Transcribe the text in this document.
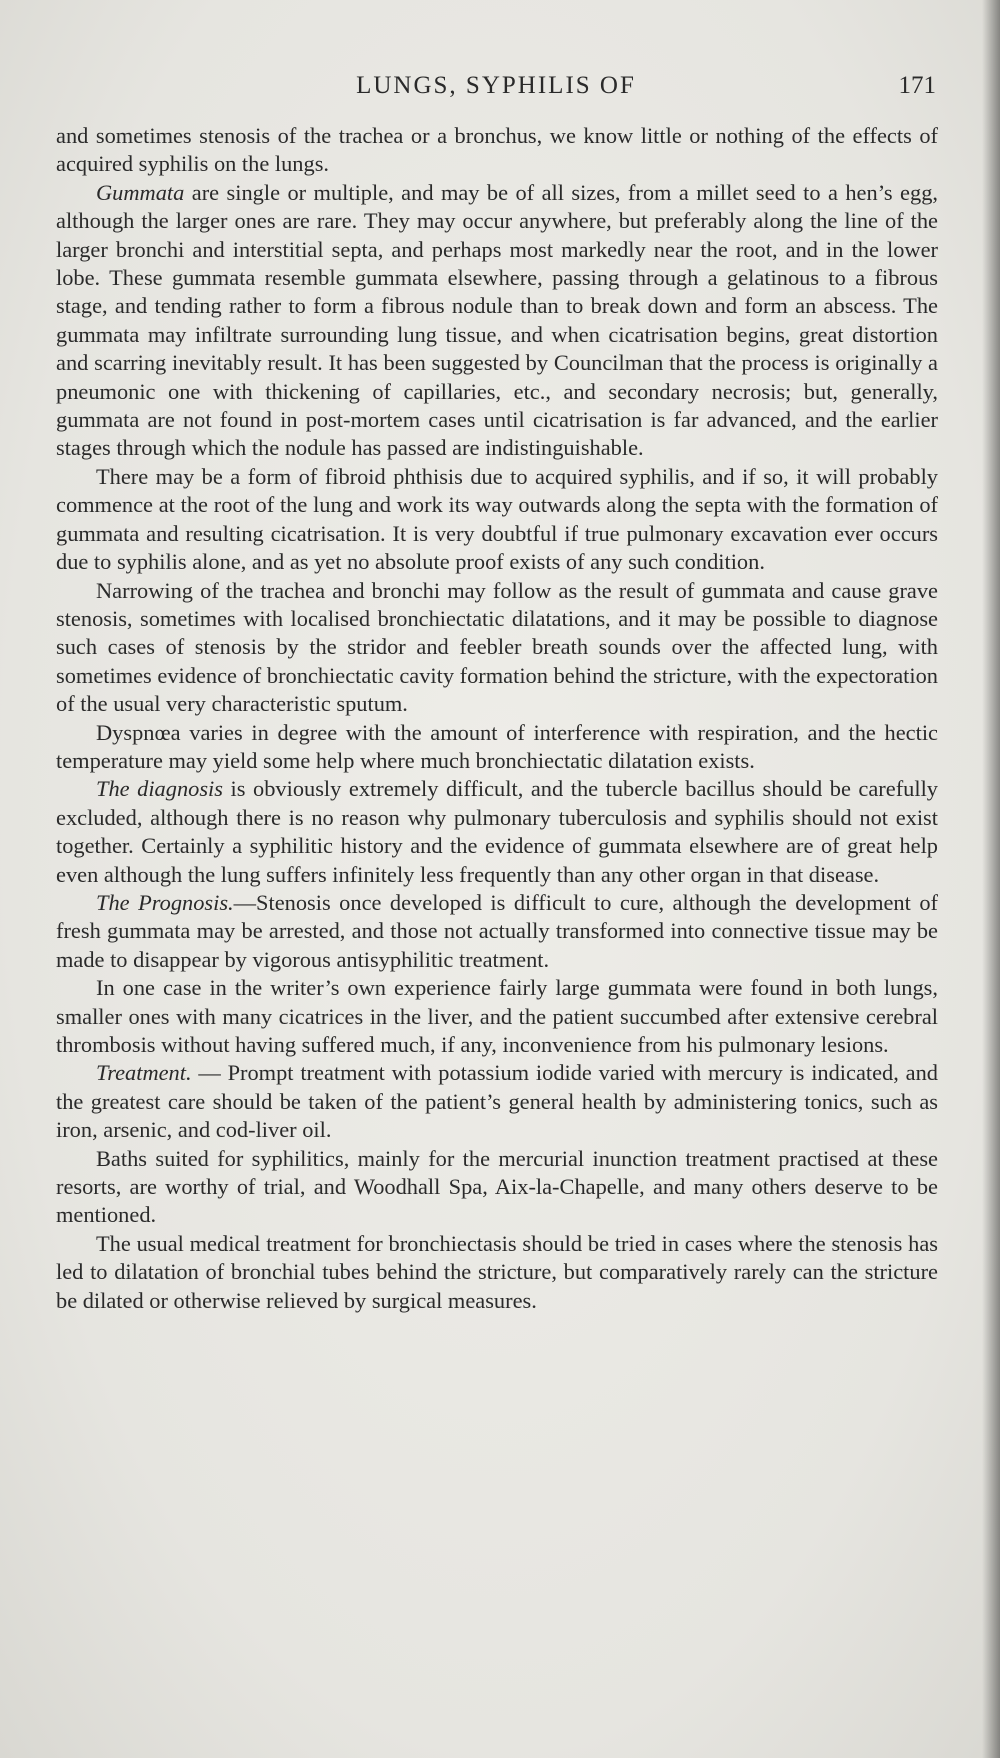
LUNGS, SYPHILIS OF	171

and sometimes stenosis of the trachea or a bronchus, we know little or nothing of the effects of acquired syphilis on the lungs.

Gummata are single or multiple, and may be of all sizes, from a millet seed to a hen’s egg, although the larger ones are rare. They may occur anywhere, but preferably along the line of the larger bronchi and interstitial septa, and perhaps most markedly near the root, and in the lower lobe. These gummata resemble gummata elsewhere, passing through a gelatinous to a fibrous stage, and tending rather to form a fibrous nodule than to break down and form an abscess. The gummata may infiltrate surrounding lung tissue, and when cicatrisation begins, great distortion and scarring inevitably result. It has been suggested by Councilman that the process is originally a pneumonic one with thickening of capillaries, etc., and secondary necrosis; but, generally, gummata are not found in post-mortem cases until cicatrisation is far advanced, and the earlier stages through which the nodule has passed are indistinguishable.

There may be a form of fibroid phthisis due to acquired syphilis, and if so, it will probably commence at the root of the lung and work its way outwards along the septa with the formation of gummata and resulting cicatrisation. It is very doubtful if true pulmonary excavation ever occurs due to syphilis alone, and as yet no absolute proof exists of any such condition.

Narrowing of the trachea and bronchi may follow as the result of gummata and cause grave stenosis, sometimes with localised bronchiectatic dilatations, and it may be possible to diagnose such cases of stenosis by the stridor and feebler breath sounds over the affected lung, with sometimes evidence of bronchiectatic cavity formation behind the stricture, with the expectoration of the usual very characteristic sputum.

Dyspnœa varies in degree with the amount of interference with respiration, and the hectic temperature may yield some help where much bronchiectatic dilatation exists.

The diagnosis is obviously extremely difficult, and the tubercle bacillus should be carefully excluded, although there is no reason why pulmonary tuberculosis and syphilis should not exist together. Certainly a syphilitic history and the evidence of gummata elsewhere are of great help even although the lung suffers infinitely less frequently than any other organ in that disease.

The Prognosis.—Stenosis once developed is difficult to cure, although the development of fresh gummata may be arrested, and those not actually transformed into connective tissue may be made to disappear by vigorous antisyphilitic treatment.

In one case in the writer’s own experience fairly large gummata were found in both lungs, smaller ones with many cicatrices in the liver, and the patient succumbed after extensive cerebral thrombosis without having suffered much, if any, inconvenience from his pulmonary lesions.

Treatment. — Prompt treatment with potassium iodide varied with mercury is indicated, and the greatest care should be taken of the patient’s general health by administering tonics, such as iron, arsenic, and cod-liver oil.

Baths suited for syphilitics, mainly for the mercurial inunction treatment practised at these resorts, are worthy of trial, and Woodhall Spa, Aix-la-Chapelle, and many others deserve to be mentioned.

The usual medical treatment for bronchiectasis should be tried in cases where the stenosis has led to dilatation of bronchial tubes behind the stricture, but comparatively rarely can the stricture be dilated or otherwise relieved by surgical measures.
